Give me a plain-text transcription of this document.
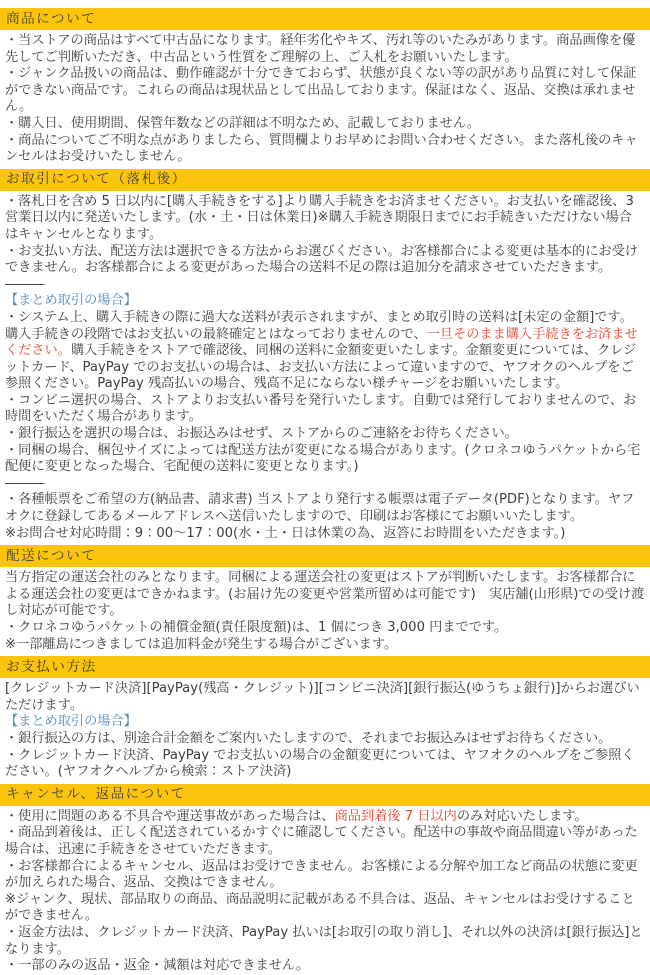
商品について

・当ストアの商品はすべて中古品になります。経年劣化やキズ、汚れ等のいたみがあります。商品画像を優先してご判断いただき、中古品という性質をご理解の上、ご入札をお願いいたします。

・ジャンク品扱いの商品は、動作確認が十分できておらず、状態が良くない等の訳があり品質に対して保証ができない商品です。これらの商品は現状品として出品しております。保証はなく、返品、交換は承れません。

・購入日、使用期間、保管年数などの詳細は不明なため、記載しておりません。

・商品についてご不明な点がありましたら、質問欄よりお早めにお問い合わせください。また落札後のキャンセルはお受けいたしません。

お取引について（落札後）

・落札日を含め 5 日以内に[購入手続きをする]より購入手続きをお済ませください。お支払いを確認後、3 営業日以内に発送いたします。(水・土・日は休業日)※購入手続き期限日までにお手続きいただけない場合はキャンセルとなります。

・お支払い方法、配送方法は選択できる方法からお選びください。お客様都合による変更は基本的にお受けできません。お客様都合による変更があった場合の送料不足の際は追加分を請求させていただきます。

―――

【まとめ取引の場合】

・システム上、購入手続きの際に過大な送料が表示されますが、まとめ取引時の送料は[未定の金額]です。購入手続きの段階ではお支払いの最終確定とはなっておりませんので、一旦そのまま購入手続きをお済ませください。購入手続きをストアで確認後、同梱の送料に金額変更いたします。金額変更については、クレジットカード、PayPay でのお支払いの場合は、お支払い方法によって違いますので、ヤフオクのヘルプをご参照ください。PayPay 残高払いの場合、残高不足にならない様チャージをお願いいたします。

・コンビニ選択の場合、ストアよりお支払い番号を発行いたします。自動では発行しておりませんので、お時間をいただく場合があります。

・銀行振込を選択の場合は、お振込みはせず、ストアからのご連絡をお待ちください。

・同梱の場合、梱包サイズによっては配送方法が変更になる場合があります。(クロネコゆうパケットから宅配便に変更となった場合、宅配便の送料に変更となります。)

―――

・各種帳票をご希望の方(納品書、請求書) 当ストアより発行する帳票は電子データ(PDF)となります。ヤフオクに登録してあるメールアドレスへ送信いたしますので、印刷はお客様にてお願いいたします。

※お問合せ対応時間：9：00～17：00(水・土・日は休業の為、返答にお時間をいただきます。)

配送について

当方指定の運送会社のみとなります。同梱による運送会社の変更はストアが判断いたします。お客様都合による運送会社の変更はできかねます。(お届け先の変更や営業所留めは可能です)　実店舗(山形県)での受け渡し対応が可能です。

・クロネコゆうパケットの補償金額(責任限度額)は、1 個につき 3,000 円までです。

※一部離島につきましては追加料金が発生する場合がございます。

お支払い方法

[クレジットカード決済][PayPay(残高・クレジット)][コンビニ決済][銀行振込(ゆうちょ銀行)]からお選びいただけます。

【まとめ取引の場合】

・銀行振込の方は、別途合計金額をご案内いたしますので、それまでお振込みはせずお待ちください。

・クレジットカード決済、PayPay でお支払いの場合の金額変更については、ヤフオクのヘルプをご参照ください。(ヤフオクヘルプから検索：ストア決済)

キャンセル、返品について

・使用に問題のある不具合や運送事故があった場合は、商品到着後 7 日以内のみ対応いたします。

・商品到着後は、正しく配送されているかすぐに確認してください。配送中の事故や商品間違い等があった場合は、迅速に手続きをさせていただきます。

・お客様都合によるキャンセル、返品はお受けできません。お客様による分解や加工など商品の状態に変更が加えられた場合、返品、交換はできません。

※ジャンク、現状、部品取りの商品、商品説明に記載がある不具合は、返品、キャンセルはお受けすることができません。

・返金方法は、クレジットカード決済、PayPay 払いは[お取引の取り消し]、それ以外の決済は[銀行振込]となります。

・一部のみの返品・返金・減額は対応できません。
